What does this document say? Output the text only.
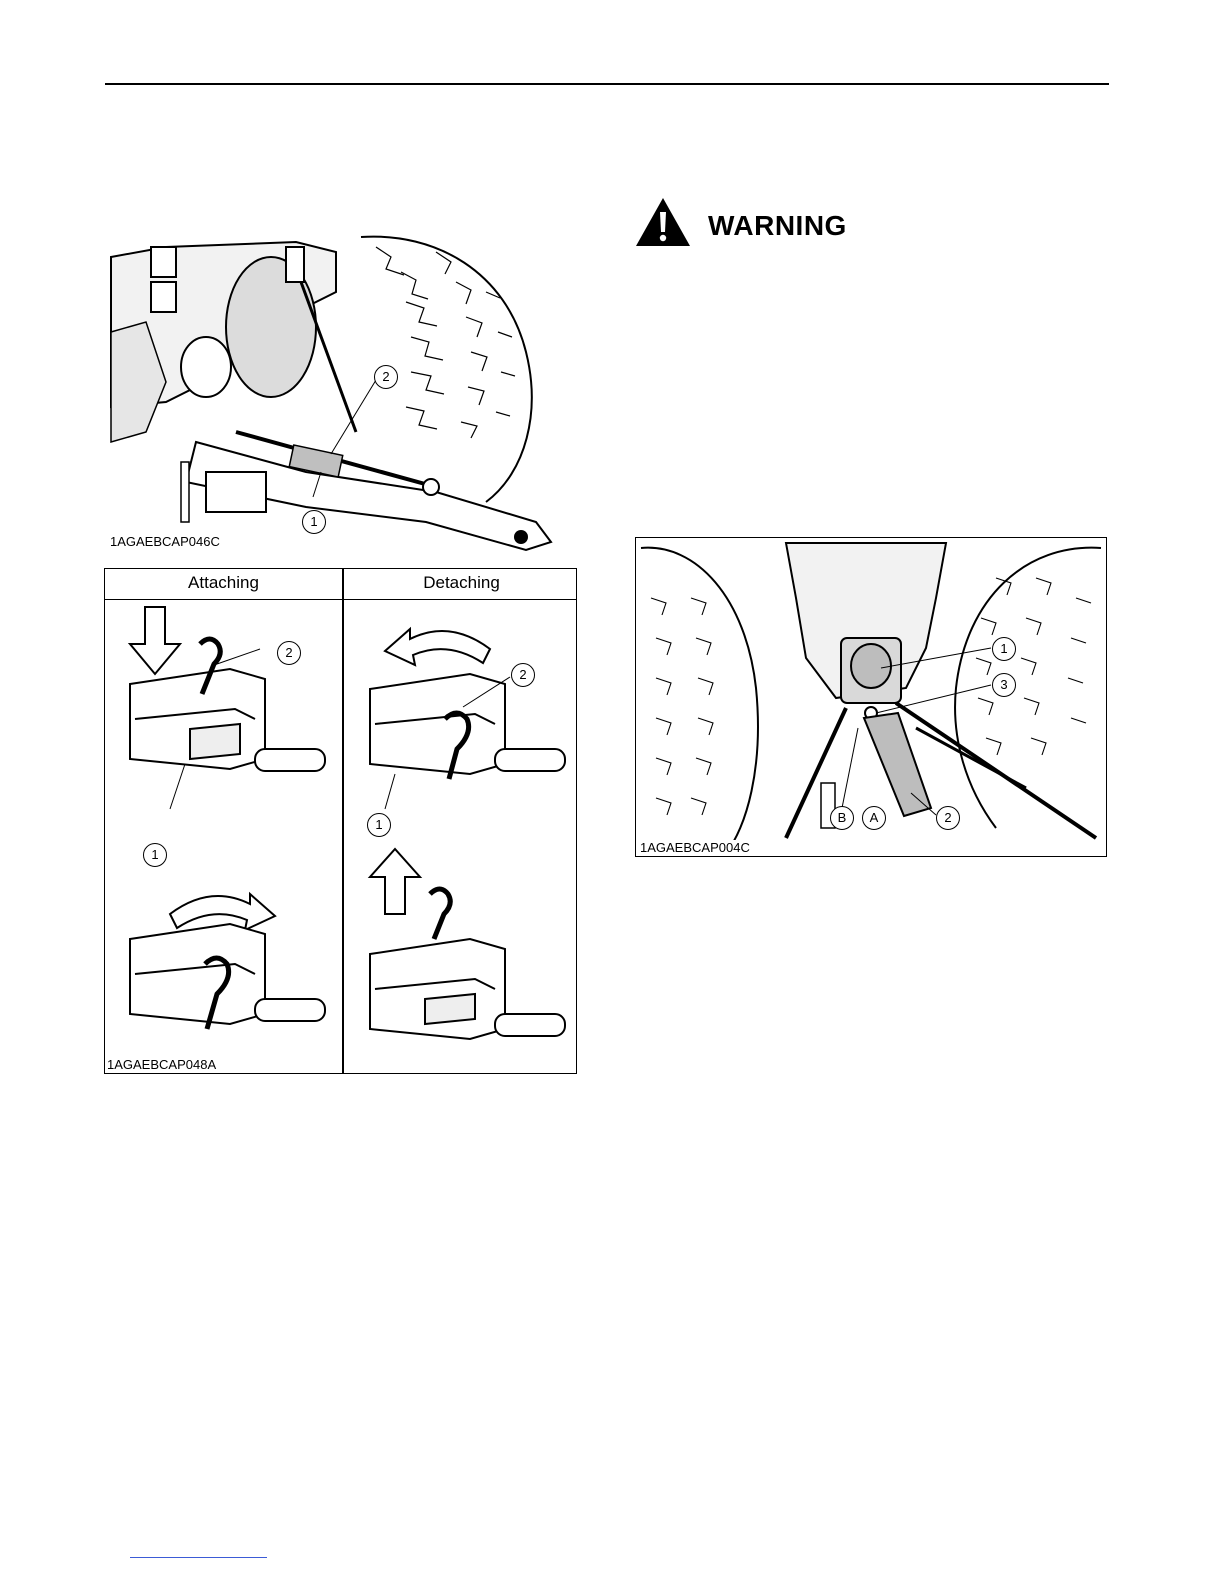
2
1
1AGAEBCAP046C
Attaching	Detaching
2
1
2
1
1AGAEBCAP048A
WARNING
1
3
2
A
B
1AGAEBCAP004C
